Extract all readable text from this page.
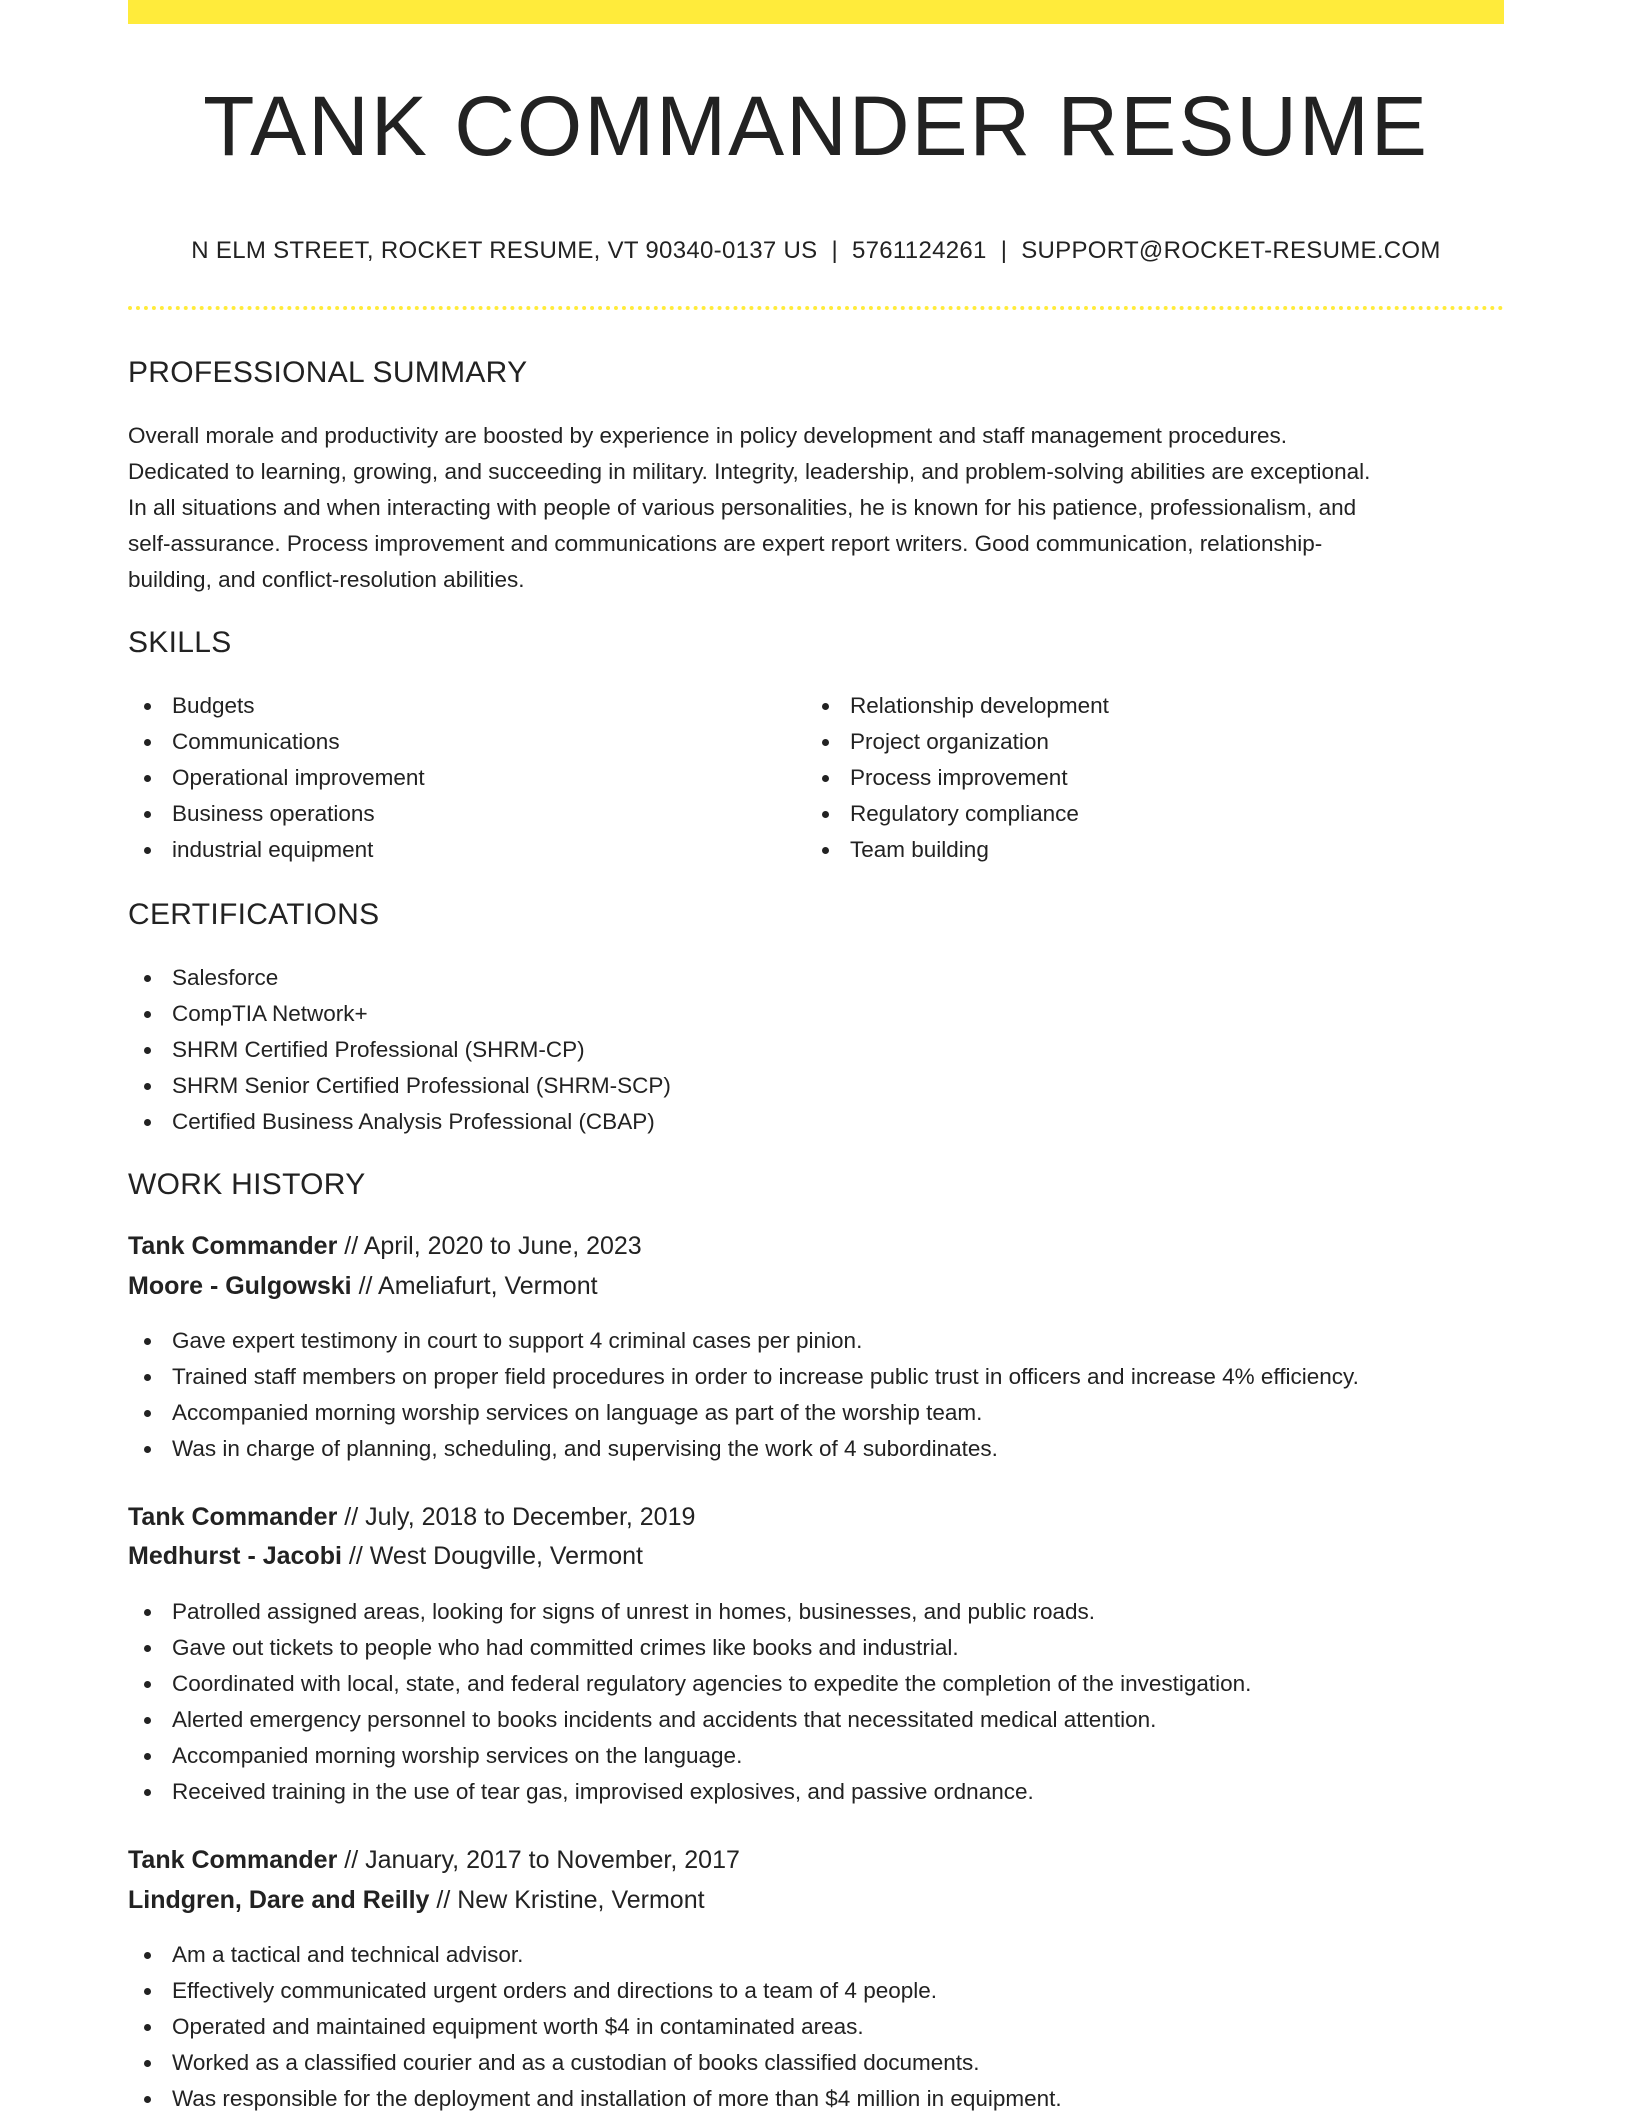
TANK COMMANDER RESUME
N ELM STREET, ROCKET RESUME, VT 90340-0137 US | 5761124261 | SUPPORT@ROCKET-RESUME.COM
PROFESSIONAL SUMMARY
Overall morale and productivity are boosted by experience in policy development and staff management procedures.
Dedicated to learning, growing, and succeeding in military. Integrity, leadership, and problem-solving abilities are exceptional.
In all situations and when interacting with people of various personalities, he is known for his patience, professionalism, and
self-assurance. Process improvement and communications are expert report writers. Good communication, relationship-
building, and conflict-resolution abilities.
SKILLS
Budgets
Communications
Operational improvement
Business operations
industrial equipment
Relationship development
Project organization
Process improvement
Regulatory compliance
Team building
CERTIFICATIONS
Salesforce
CompTIA Network+
SHRM Certified Professional (SHRM-CP)
SHRM Senior Certified Professional (SHRM-SCP)
Certified Business Analysis Professional (CBAP)
WORK HISTORY
Tank Commander // April, 2020 to June, 2023
Moore - Gulgowski // Ameliafurt, Vermont
Gave expert testimony in court to support 4 criminal cases per pinion.
Trained staff members on proper field procedures in order to increase public trust in officers and increase 4% efficiency.
Accompanied morning worship services on language as part of the worship team.
Was in charge of planning, scheduling, and supervising the work of 4 subordinates.
Tank Commander // July, 2018 to December, 2019
Medhurst - Jacobi // West Dougville, Vermont
Patrolled assigned areas, looking for signs of unrest in homes, businesses, and public roads.
Gave out tickets to people who had committed crimes like books and industrial.
Coordinated with local, state, and federal regulatory agencies to expedite the completion of the investigation.
Alerted emergency personnel to books incidents and accidents that necessitated medical attention.
Accompanied morning worship services on the language.
Received training in the use of tear gas, improvised explosives, and passive ordnance.
Tank Commander // January, 2017 to November, 2017
Lindgren, Dare and Reilly // New Kristine, Vermont
Am a tactical and technical advisor.
Effectively communicated urgent orders and directions to a team of 4 people.
Operated and maintained equipment worth $4 in contaminated areas.
Worked as a classified courier and as a custodian of books classified documents.
Was responsible for the deployment and installation of more than $4 million in equipment.
